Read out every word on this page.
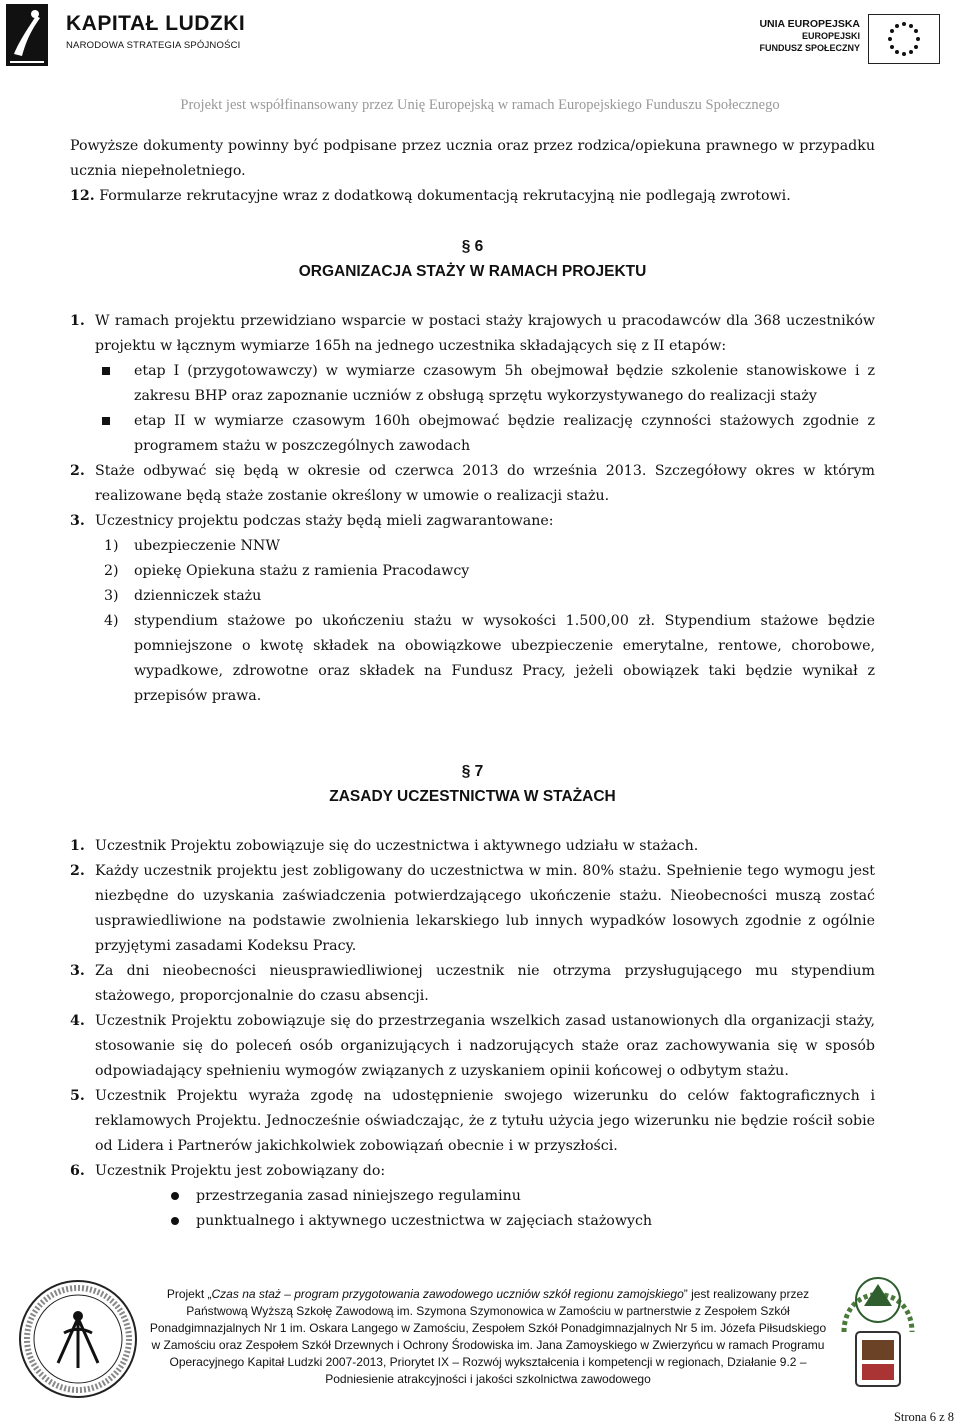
KAPITAŁ LUDZKI
NARODOWA STRATEGIA SPÓJNOŚCI
UNIA EUROPEJSKA
EUROPEJSKI
FUNDUSZ SPOŁECZNY
Projekt jest współfinansowany przez Unię Europejską w ramach Europejskiego Funduszu Społecznego

Powyższe dokumenty powinny być podpisane przez ucznia oraz przez rodzica/opiekuna prawnego w przypadku ucznia niepełnoletniego.

12. Formularze rekrutacyjne wraz z dodatkową dokumentacją rekrutacyjną nie podlegają zwrotowi.
§ 6
ORGANIZACJA STAŻY W RAMACH PROJEKTU
1. W ramach projektu przewidziano wsparcie w postaci staży krajowych u pracodawców dla 368 uczestników projektu w łącznym wymiarze 165h na jednego uczestnika składających się z II etapów:
etap I (przygotowawczy) w wymiarze czasowym 5h obejmował będzie szkolenie stanowiskowe i z zakresu BHP oraz zapoznanie uczniów z obsługą sprzętu wykorzystywanego do realizacji staży
etap II w wymiarze czasowym 160h obejmować będzie realizację czynności stażowych zgodnie z programem stażu w poszczególnych zawodach
2. Staże odbywać się będą w okresie od czerwca 2013 do września 2013. Szczegółowy okres w którym realizowane będą staże zostanie określony w umowie o realizacji stażu.
3. Uczestnicy projektu podczas staży będą mieli zagwarantowane:
1) ubezpieczenie NNW
2) opiekę Opiekuna stażu z ramienia Pracodawcy
3) dzienniczek stażu
4) stypendium stażowe po ukończeniu stażu w wysokości 1.500,00 zł. Stypendium stażowe będzie pomniejszone o kwotę składek na obowiązkowe ubezpieczenie emerytalne, rentowe, chorobowe, wypadkowe, zdrowotne oraz składek na Fundusz Pracy, jeżeli obowiązek taki będzie wynikał z przepisów prawa.
§ 7
ZASADY UCZESTNICTWA W STAŻACH
1. Uczestnik Projektu zobowiązuje się do uczestnictwa i aktywnego udziału w stażach.
2. Każdy uczestnik projektu jest zobligowany do uczestnictwa w min. 80% stażu. Spełnienie tego wymogu jest niezbędne do uzyskania zaświadczenia potwierdzającego ukończenie stażu. Nieobecności muszą zostać usprawiedliwione na podstawie zwolnienia lekarskiego lub innych wypadków losowych zgodnie z ogólnie przyjętymi zasadami Kodeksu Pracy.
3. Za dni nieobecności nieusprawiedliwionej uczestnik nie otrzyma przysługującego mu stypendium stażowego, proporcjonalnie do czasu absencji.
4. Uczestnik Projektu zobowiązuje się do przestrzegania wszelkich zasad ustanowionych dla organizacji staży, stosowanie się do poleceń osób organizujących i nadzorujących staże oraz zachowywania się w sposób odpowiadający spełnieniu wymogów związanych z uzyskaniem opinii końcowej o odbytym stażu.
5. Uczestnik Projektu wyraża zgodę na udostępnienie swojego wizerunku do celów faktograficznych i reklamowych Projektu. Jednocześnie oświadczając, że z tytułu użycia jego wizerunku nie będzie rościł sobie od Lidera i Partnerów jakichkolwiek zobowiązań obecnie i w przyszłości.
6. Uczestnik Projektu jest zobowiązany do:
przestrzegania zasad niniejszego regulaminu
punktualnego i aktywnego uczestnictwa w zajęciach stażowych
Projekt „Czas na staż – program przygotowania zawodowego uczniów szkół regionu zamojskiego” jest realizowany przez Państwową Wyższą Szkołę Zawodową im. Szymona Szymonowica w Zamościu w partnerstwie z Zespołem Szkół Ponadgimnazjalnych Nr 1 im. Oskara Langego w Zamościu, Zespołem Szkół Ponadgimnazjalnych Nr 5 im. Józefa Piłsudskiego w Zamościu oraz Zespołem Szkół Drzewnych i Ochrony Środowiska im. Jana Zamoyskiego w Zwierzyńcu w ramach Programu Operacyjnego Kapitał Ludzki 2007-2013, Priorytet IX – Rozwój wykształcenia i kompetencji w regionach, Działanie 9.2 – Podniesienie atrakcyjności i jakości szkolnictwa zawodowego
Strona 6 z 8
